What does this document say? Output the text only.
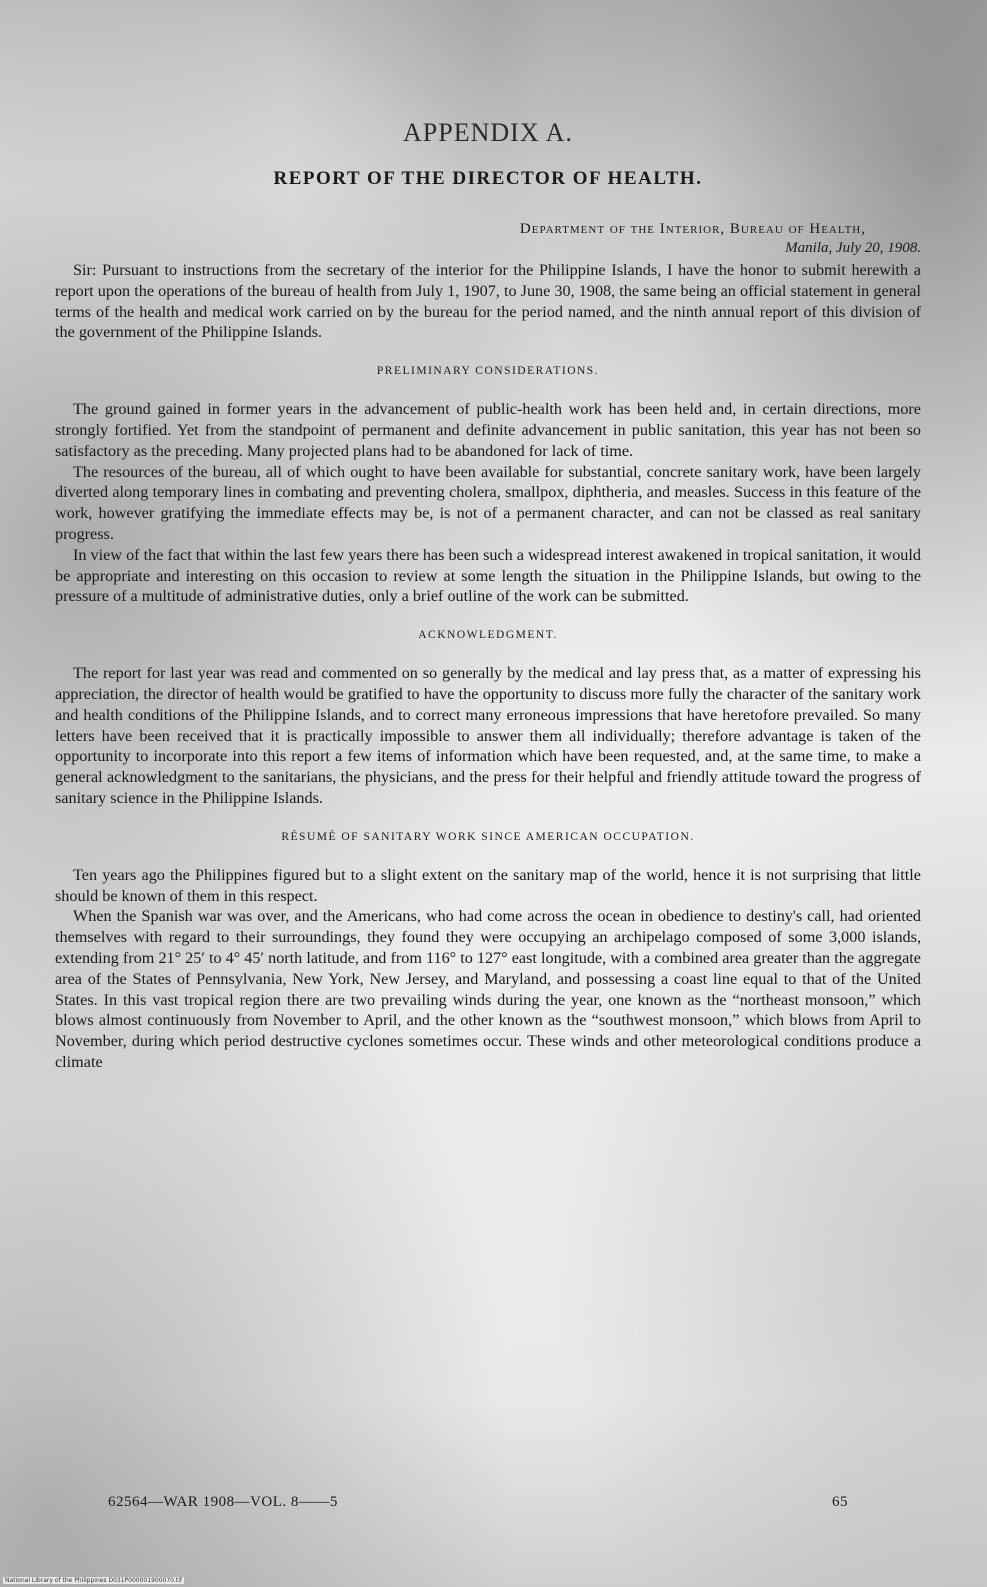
APPENDIX A.
REPORT OF THE DIRECTOR OF HEALTH.
Department of the Interior, Bureau of Health,
Manila, July 20, 1908.

Sir: Pursuant to instructions from the secretary of the interior for the Philippine Islands, I have the honor to submit herewith a report upon the operations of the bureau of health from July 1, 1907, to June 30, 1908, the same being an official statement in general terms of the health and medical work carried on by the bureau for the period named, and the ninth annual report of this division of the government of the Philippine Islands.

PRELIMINARY CONSIDERATIONS.

The ground gained in former years in the advancement of public-health work has been held and, in certain directions, more strongly fortified. Yet from the standpoint of permanent and definite advancement in public sanitation, this year has not been so satisfactory as the preceding. Many projected plans had to be abandoned for lack of time.

The resources of the bureau, all of which ought to have been available for substantial, concrete sanitary work, have been largely diverted along temporary lines in combating and preventing cholera, smallpox, diphtheria, and measles. Success in this feature of the work, however gratifying the immediate effects may be, is not of a permanent character, and can not be classed as real sanitary progress.

In view of the fact that within the last few years there has been such a widespread interest awakened in tropical sanitation, it would be appropriate and interesting on this occasion to review at some length the situation in the Philippine Islands, but owing to the pressure of a multitude of administrative duties, only a brief outline of the work can be submitted.

ACKNOWLEDGMENT.

The report for last year was read and commented on so generally by the medical and lay press that, as a matter of expressing his appreciation, the director of health would be gratified to have the opportunity to discuss more fully the character of the sanitary work and health conditions of the Philippine Islands, and to correct many erroneous impressions that have heretofore prevailed. So many letters have been received that it is practically impossible to answer them all individually; therefore advantage is taken of the opportunity to incorporate into this report a few items of information which have been requested, and, at the same time, to make a general acknowledgment to the sanitarians, the physicians, and the press for their helpful and friendly attitude toward the progress of sanitary science in the Philippine Islands.

RÉSUMÉ OF SANITARY WORK SINCE AMERICAN OCCUPATION.

Ten years ago the Philippines figured but to a slight extent on the sanitary map of the world, hence it is not surprising that little should be known of them in this respect.

When the Spanish war was over, and the Americans, who had come across the ocean in obedience to destiny's call, had oriented themselves with regard to their surroundings, they found they were occupying an archipelago composed of some 3,000 islands, extending from 21° 25′ to 4° 45′ north latitude, and from 116° to 127° east longitude, with a combined area greater than the aggregate area of the States of Pennsylvania, New York, New Jersey, and Maryland, and possessing a coast line equal to that of the United States. In this vast tropical region there are two prevailing winds during the year, one known as the “northeast monsoon,” which blows almost continuously from November to April, and the other known as the “southwest monsoon,” which blows from April to November, during which period destructive cyclones sometimes occur. These winds and other meteorological conditions produce a climate

62564—WAR 1908—VOL. 8——5	65
National Library of the Philippines D031P000001900070.tif
